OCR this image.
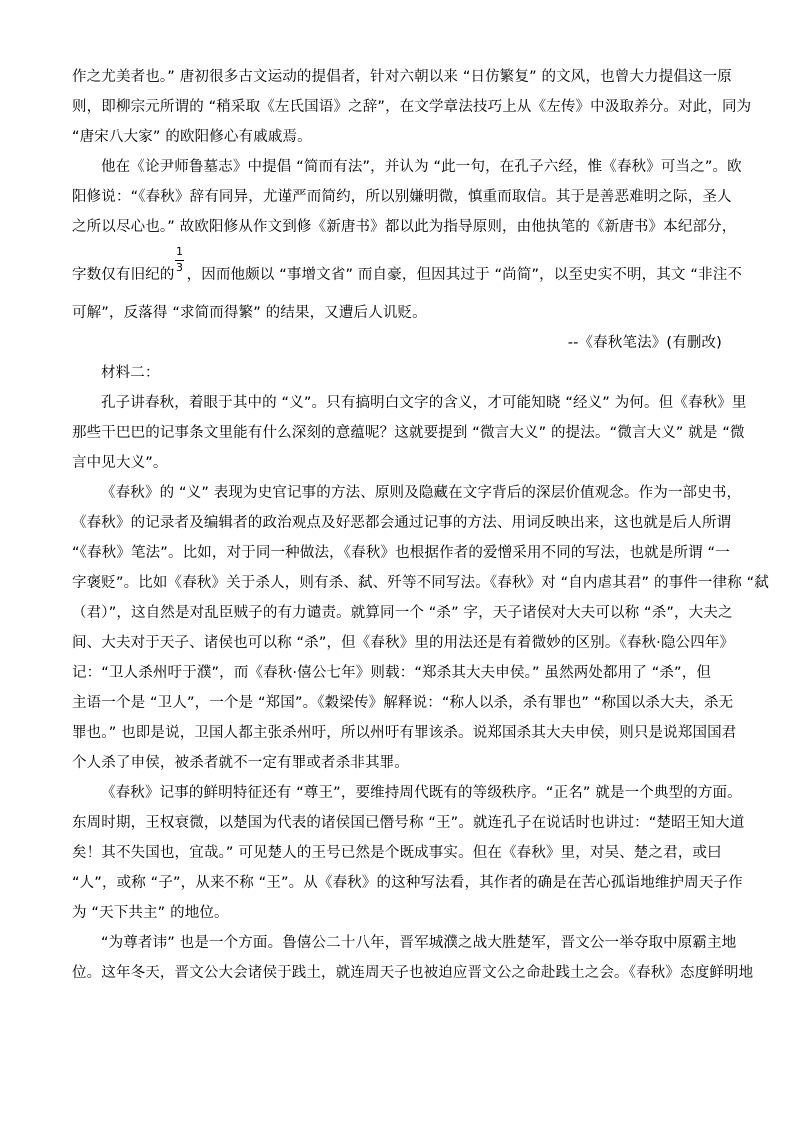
作之尤美者也。” 唐初很多古文运动的提倡者，针对六朝以来 “日仿繁复” 的文风，也曾大力提倡这一原
则，即柳宗元所谓的 “稍采取《左氏国语》之辞”，在文学章法技巧上从《左传》中汲取养分。对此，同为
“唐宋八大家” 的欧阳修心有戚戚焉。
他在《论尹师鲁墓志》中提倡 “简而有法”，并认为 “此一句，在孔子六经，惟《春秋》可当之”。欧
阳修说：“《春秋》辞有同异，尤谨严而简约，所以别嫌明微，慎重而取信。其于是善恶难明之际，圣人
之所以尽心也。” 故欧阳修从作文到修《新唐书》都以此为指导原则，由他执笔的《新唐书》本纪部分，
字数仅有旧纪的 $\frac{1}{3}$ ，因而他颇以 “事增文省” 而自豪，但因其过于 “尚简”，以至史实不明，其文 “非注不
可解”，反落得 “求简而得繁” 的结果，又遭后人讥贬。
--《春秋笔法》(有删改)
材料二：
孔子讲春秋，着眼于其中的 “义”。只有搞明白文字的含义，才可能知晓 “经义” 为何。但《春秋》里
那些干巴巴的记事条文里能有什么深刻的意蕴呢？这就要提到 “微言大义” 的提法。“微言大义” 就是 “微
言中见大义”。
《春秋》的 “义” 表现为史官记事的方法、原则及隐藏在文字背后的深层价值观念。作为一部史书，
《春秋》的记录者及编辑者的政治观点及好恶都会通过记事的方法、用词反映出来，这也就是后人所谓
“《春秋》笔法”。比如，对于同一种做法，《春秋》也根据作者的爱憎采用不同的写法，也就是所谓 “一
字褒贬”。比如《春秋》关于杀人，则有杀、弑、歼等不同写法。《春秋》对 “自内虐其君” 的事件一律称 “弑
（君）”，这自然是对乱臣贼子的有力谴责。就算同一个 “杀” 字，天子诸侯对大夫可以称 “杀”，大夫之
间、大夫对于天子、诸侯也可以称 “杀”，但《春秋》里的用法还是有着微妙的区别。《春秋·隐公四年》
记：“卫人杀州吁于濮”，而《春秋·僖公七年》则载：“郑杀其大夫申侯。” 虽然两处都用了 “杀”，但
主语一个是 “卫人”，一个是 “郑国”。《穀梁传》解释说：“称人以杀，杀有罪也” “称国以杀大夫，杀无
罪也。” 也即是说，卫国人都主张杀州吁，所以州吁有罪该杀。说郑国杀其大夫申侯，则只是说郑国国君
个人杀了申侯，被杀者就不一定有罪或者杀非其罪。
《春秋》记事的鲜明特征还有 “尊王”，要维持周代既有的等级秩序。“正名” 就是一个典型的方面。
东周时期，王权衰微，以楚国为代表的诸侯国已僭号称 “王”。就连孔子在说话时也讲过：“楚昭王知大道
矣！其不失国也，宜哉。” 可见楚人的王号已然是个既成事实。但在《春秋》里，对吴、楚之君，或曰
“人”，或称 “子”，从来不称 “王”。从《春秋》的这种写法看，其作者的确是在苦心孤诣地维护周天子作
为 “天下共主” 的地位。
“为尊者讳” 也是一个方面。鲁僖公二十八年，晋军城濮之战大胜楚军，晋文公一举夺取中原霸主地
位。这年冬天，晋文公大会诸侯于践土，就连周天子也被迫应晋文公之命赴践土之会。《春秋》态度鲜明地
